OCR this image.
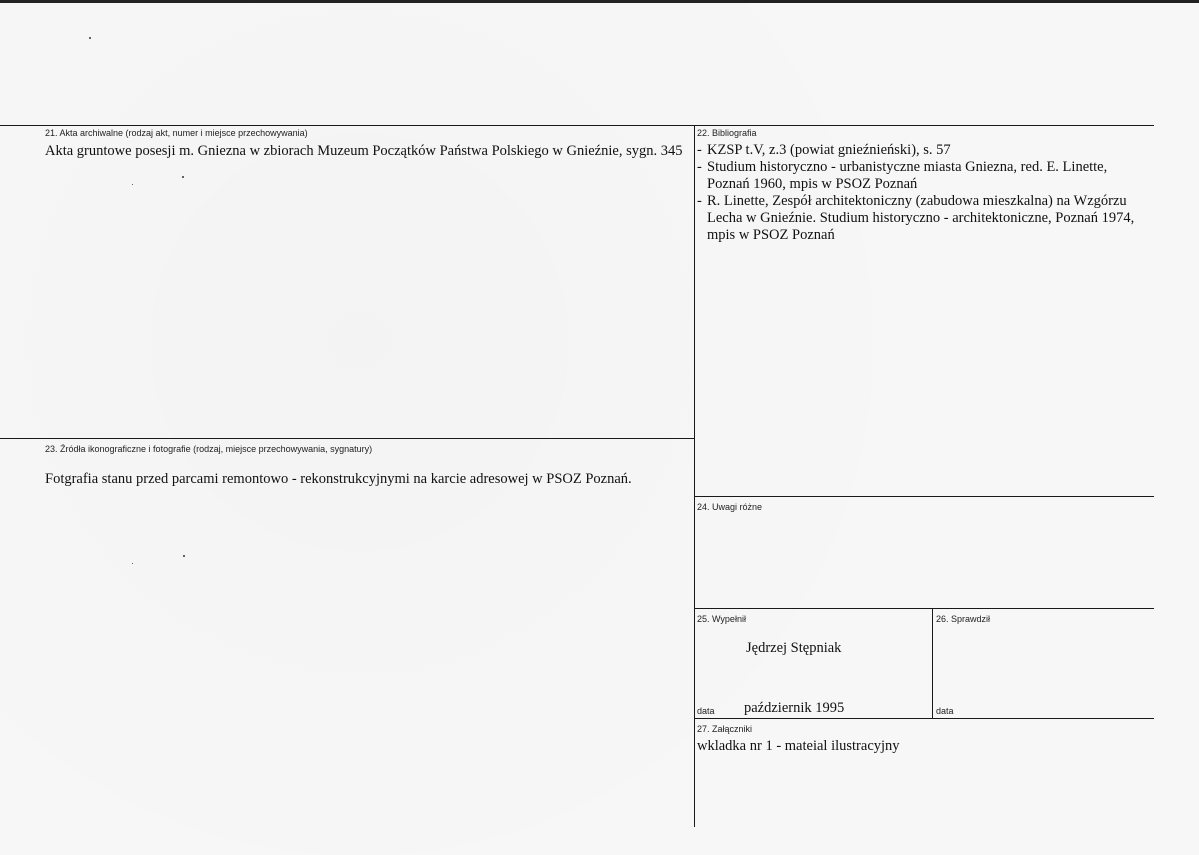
21. Akta archiwalne (rodzaj akt, numer i miejsce przechowywania)
Akta gruntowe posesji m. Gniezna w zbiorach Muzeum Początków Państwa Polskiego w Gnieźnie, sygn. 345
22. Bibliografia
- KZSP t.V, z.3 (powiat gnieźnieński), s. 57
- Studium historyczno - urbanistyczne miasta Gniezna, red. E. Linette, Poznań 1960, mpis w PSOZ Poznań
- R. Linette, Zespół architektoniczny (zabudowa mieszkalna) na Wzgórzu Lecha w Gnieźnie. Studium historyczno - architektoniczne, Poznań 1974, mpis w PSOZ Poznań
23. Źródła ikonograficzne i fotografie (rodzaj, miejsce przechowywania, sygnatury)
Fotgrafia stanu przed parcami remontowo - rekonstrukcyjnymi na karcie adresowej w PSOZ Poznań.
24. Uwagi różne
25. Wypełnił
Jędrzej Stępniak
data październik 1995
26. Sprawdził
data
27. Załączniki
wkladka nr 1 - mateial ilustracyjny
